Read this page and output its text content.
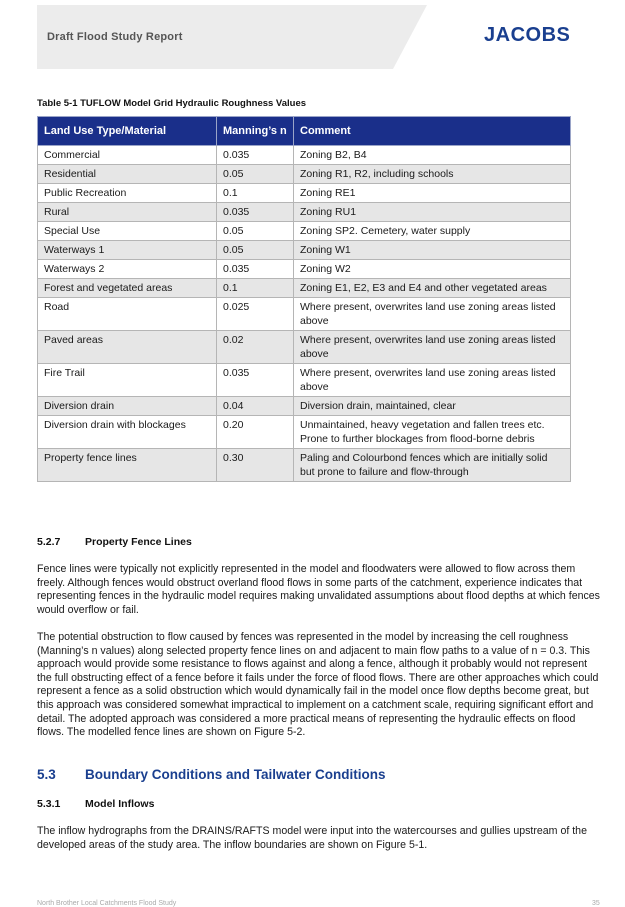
Draft Flood Study Report	JACOBS
Table 5-1 TUFLOW Model Grid Hydraulic Roughness Values
Land Use Type/Material	Manning’s n	Comment
Commercial	0.035	Zoning B2, B4
Residential	0.05	Zoning R1, R2, including schools
Public Recreation	0.1	Zoning RE1
Rural	0.035	Zoning RU1
Special Use	0.05	Zoning SP2. Cemetery, water supply
Waterways 1	0.05	Zoning W1
Waterways 2	0.035	Zoning W2
Forest and vegetated areas	0.1	Zoning E1, E2, E3 and E4 and other vegetated areas
Road	0.025	Where present, overwrites land use zoning areas listed above
Paved areas	0.02	Where present, overwrites land use zoning areas listed above
Fire Trail	0.035	Where present, overwrites land use zoning areas listed above
Diversion drain	0.04	Diversion drain, maintained, clear
Diversion drain with blockages	0.20	Unmaintained, heavy vegetation and fallen trees etc. Prone to further blockages from flood-borne debris
Property fence lines	0.30	Paling and Colourbond fences which are initially solid but prone to failure and flow-through
5.2.7 Property Fence Lines

Fence lines were typically not explicitly represented in the model and floodwaters were allowed to flow across them freely. Although fences would obstruct overland flood flows in some parts of the catchment, experience indicates that representing fences in the hydraulic model requires making unvalidated assumptions about flood depths at which fences would overflow or fail.

The potential obstruction to flow caused by fences was represented in the model by increasing the cell roughness (Manning’s n values) along selected property fence lines on and adjacent to main flow paths to a value of n = 0.3. This approach would provide some resistance to flows against and along a fence, although it probably would not represent the full obstructing effect of a fence before it fails under the force of flood flows. There are other approaches which could represent a fence as a solid obstruction which would dynamically fail in the model once flow depths become great, but this approach was considered somewhat impractical to implement on a catchment scale, requiring significant effort and detail. The adopted approach was considered a more practical means of representing the hydraulic effects on flood flows. The modelled fence lines are shown on Figure 5-2.

5.3 Boundary Conditions and Tailwater Conditions
5.3.1 Model Inflows

The inflow hydrographs from the DRAINS/RAFTS model were input into the watercourses and gullies upstream of the developed areas of the study area. The inflow boundaries are shown on Figure 5-1.

North Brother Local Catchments Flood Study	35
